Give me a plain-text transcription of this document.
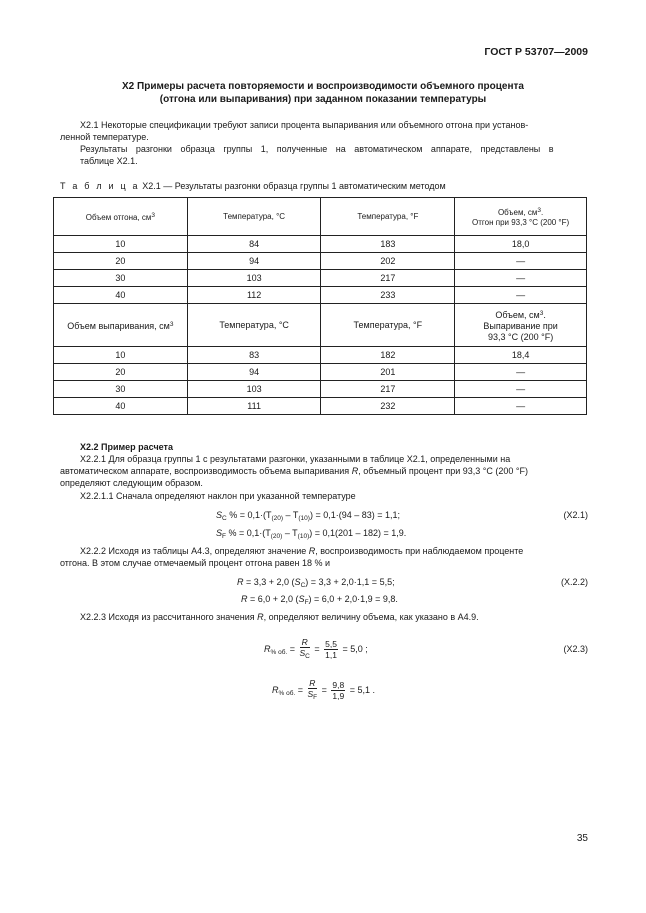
ГОСТ Р 53707—2009
Х2 Примеры расчета повторяемости и воспроизводимости объемного процента
(отгона или выпаривания) при заданном показании температуры
Х2.1 Некоторые спецификации требуют записи процента выпаривания или объемного отгона при установ-
ленной температуре.
Результаты разгонки образца группы 1, полученные на автоматическом аппарате, представлены в
таблице Х2.1.
Т а б л и ц а Х2.1 — Результаты разгонки образца группы 1 автоматическим методом
Объем отгона, $см^3$	Температура, °С	Температура, °F	Объем, $см^3$.
Отгон при 93,3 °С (200 °F)

10	84	183	18,0
20	94	202	—
30	103	217	—
40	112	233	—
Объем выпаривания, $см^3$	Температура, °С	Температура, °F	Объем, $см^3$.
Выпаривание при
93,3 °С (200 °F)

10	83	182	18,4
20	94	201	—
30	103	217	—
40	111	232	—
Х2.2 Пример расчета
Х2.2.1 Для образца группы 1 с результатами разгонки, указанными в таблице Х2.1, определенными на
автоматическом аппарате, воспроизводимость объема выпаривания R, объемный процент при 93,3 °С (200 °F)
определяют следующим образом.
Х2.2.1.1 Сначала определяют наклон при указанной температуре
$S_C$ % = $0,1\cdot(T_{(20)} - T_{(10)}) = 0,1\cdot(94 - 83) = 1,1$;	(Х2.1)
$S_F$ % = $0,1\cdot(T_{(20)} - T_{(10)}) = 0,1(201 - 182) = 1,9$.
Х2.2.2 Исходя из таблицы А4.3, определяют значение R, воспроизводимость при наблюдаемом проценте
отгона. В этом случае отмечаемый процент отгона равен 18 % и
R = 3,3 + 2,0 $(S_C) = 3,3 + 2,0\cdot 1,1 = 5,5$;	(Х.2.2)
R = 6,0 + 2,0 $(S_F) = 6,0 + 2,0\cdot 1,9 = 9,8$.
Х2.2.3 Исходя из рассчитанного значения R, определяют величину объема, как указано в А4.9.
$R_{\% об.} = \frac{R}{S_C} = \frac{5,5}{1,1} = 5,0$ ;	(Х2.3)
$R_{\% об.} = \frac{R}{S_F} = \frac{9,8}{1,9} = 5,1$ .
35
